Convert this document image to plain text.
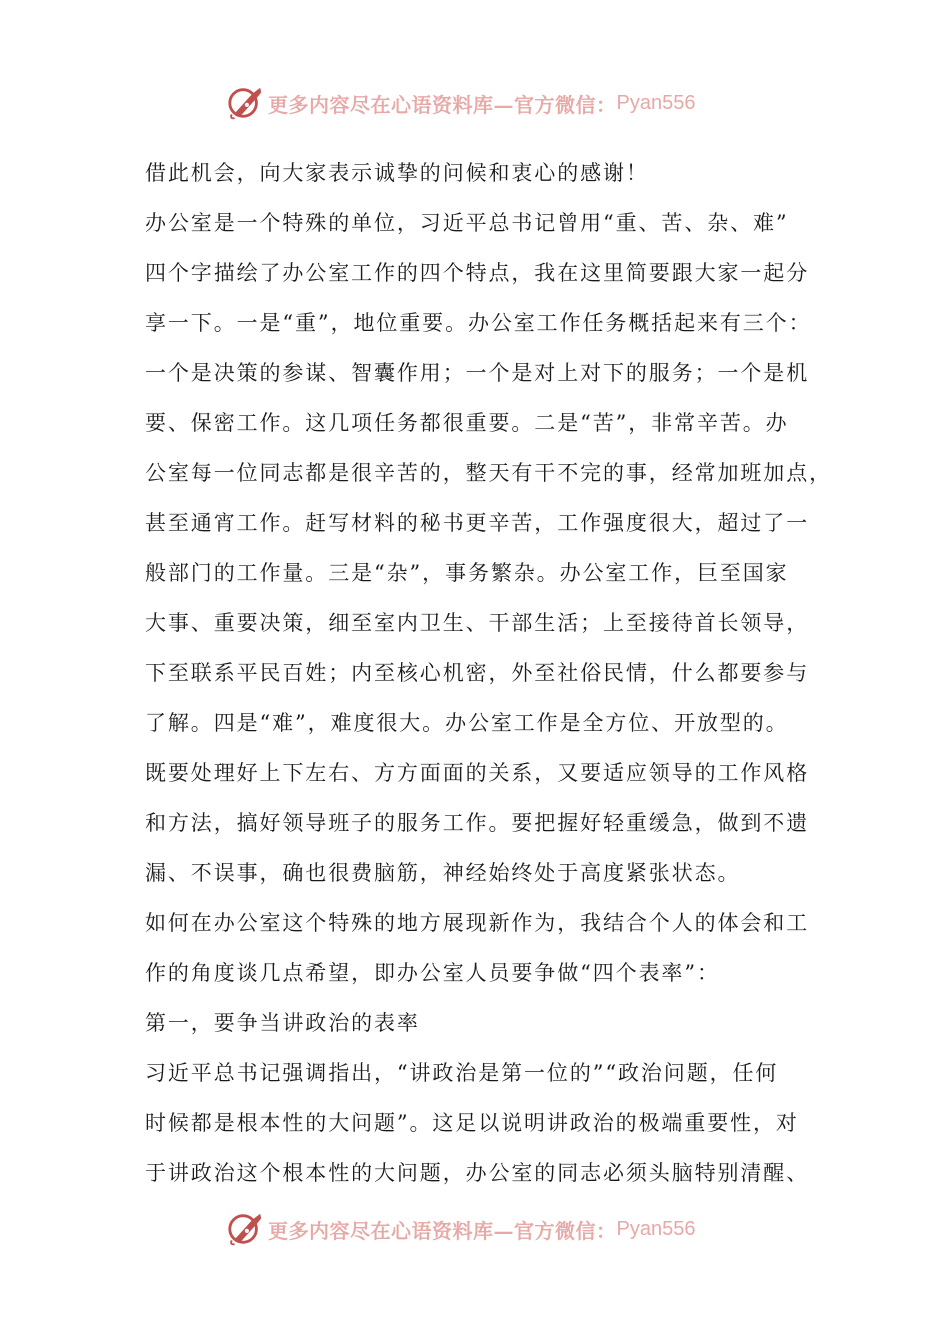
更多内容尽在心语资料库— 官方微信： Pyan556
借此机会，向大家表示诚挚的问候和衷心的感谢！
办公室是一个特殊的单位，习近平总书记曾用“重、苦、杂、难”
四个字描绘了办公室工作的四个特点，我在这里简要跟大家一起分
享一下。一是“重”，地位重要。办公室工作任务概括起来有三个：
一个是决策的参谋、智囊作用；一个是对上对下的服务；一个是机
要、保密工作。这几项任务都很重要。二是“苦”，非常辛苦。办
公室每一位同志都是很辛苦的，整天有干不完的事，经常加班加点，
甚至通宵工作。赶写材料的秘书更辛苦，工作强度很大，超过了一
般部门的工作量。三是“杂”，事务繁杂。办公室工作，巨至国家
大事、重要决策，细至室内卫生、干部生活；上至接待首长领导，
下至联系平民百姓；内至核心机密，外至社俗民情，什么都要参与
了解。四是“难”，难度很大。办公室工作是全方位、开放型的。
既要处理好上下左右、方方面面的关系，又要适应领导的工作风格
和方法，搞好领导班子的服务工作。要把握好轻重缓急，做到不遗
漏、不误事，确也很费脑筋，神经始终处于高度紧张状态。
如何在办公室这个特殊的地方展现新作为，我结合个人的体会和工
作的角度谈几点希望，即办公室人员要争做“四个表率”：
第一，要争当讲政治的表率
习近平总书记强调指出，“讲政治是第一位的”“政治问题，任何
时候都是根本性的大问题”。这足以说明讲政治的极端重要性，对
于讲政治这个根本性的大问题，办公室的同志必须头脑特别清醒、
更多内容尽在心语资料库— 官方微信： Pyan556
